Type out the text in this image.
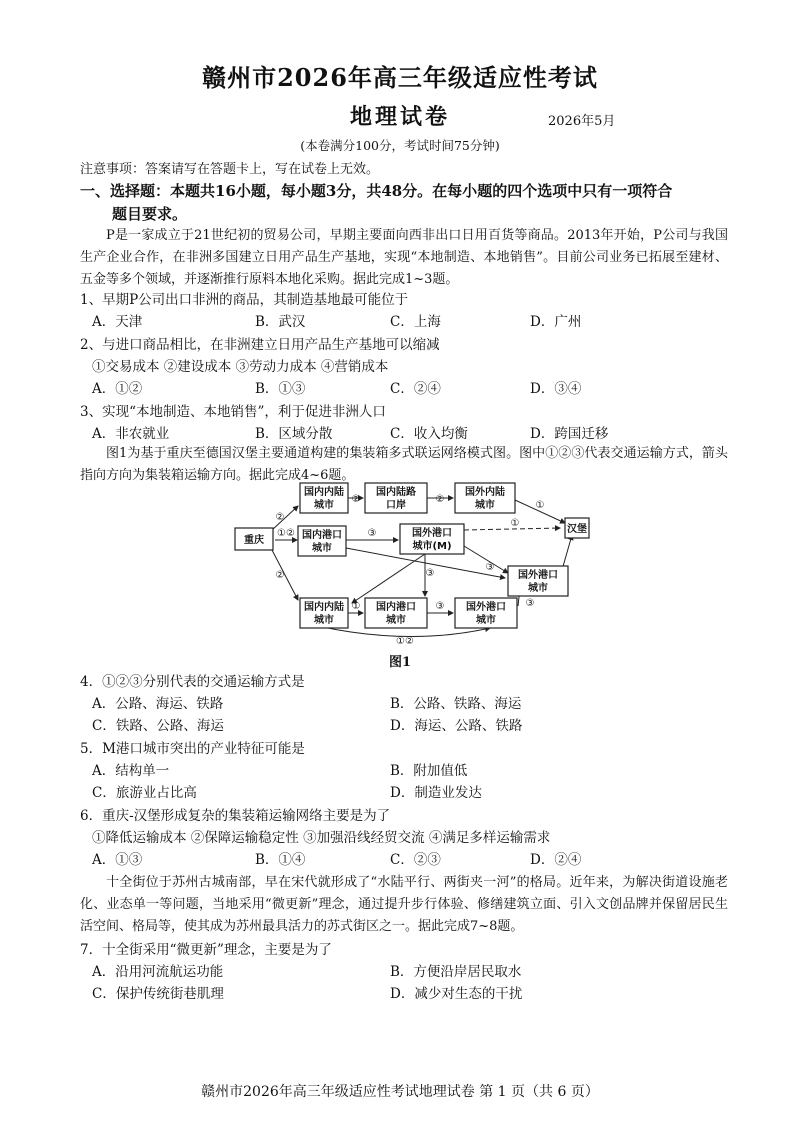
赣州市2026年高三年级适应性考试
地理试卷	2026年5月
(本卷满分100分，考试时间75分钟)
注意事项：答案请写在答题卡上，写在试卷上无效。
一、选择题：本题共16小题，每小题3分，共48分。在每小题的四个选项中只有一项符合
题目要求。
P是一家成立于21世纪初的贸易公司，早期主要面向西非出口日用百货等商品。2013年开始，P公司与我国生产企业合作，在非洲多国建立日用产品生产基地，实现“本地制造、本地销售”。目前公司业务已拓展至建材、五金等多个领域，并逐渐推行原料本地化采购。据此完成1~3题。
1、早期P公司出口非洲的商品，其制造基地最可能位于
A．天津	B．武汉	C．上海	D．广州
2、与进口商品相比，在非洲建立日用产品生产基地可以缩减
①交易成本 ②建设成本 ③劳动力成本 ④营销成本
A．①②	B．①③	C．②④	D．③④
3、实现“本地制造、本地销售”，利于促进非洲人口
A．非农就业	B．区域分散	C．收入均衡	D．跨国迁移
图1为基于重庆至德国汉堡主要通道构建的集装箱多式联运网络模式图。图中①②③代表交通运输方式，箭头指向方向为集装箱运输方向。据此完成4~6题。
国内内陆
城市
国内陆路
口岸
国外内陆
城市
重庆	国内港口
城市
国外港口
城市(M)
汉堡
国外港口
城市
国内内陆
城市
国内港口
城市
国外港口
城市
②	②
②
①②
②
③
①
①
③
③
①	③	③
①②
图1
4．①②③分别代表的交通运输方式是
A．公路、海运、铁路	B．公路、铁路、海运
C．铁路、公路、海运	D．海运、公路、铁路
5．M港口城市突出的产业特征可能是
A．结构单一	B．附加值低
C．旅游业占比高	D．制造业发达
6．重庆-汉堡形成复杂的集装箱运输网络主要是为了
①降低运输成本 ②保障运输稳定性 ③加强沿线经贸交流 ④满足多样运输需求
A．①③	B．①④	C．②③	D．②④
十全街位于苏州古城南部，早在宋代就形成了“水陆平行、两街夹一河”的格局。近年来，为解决街道设施老化、业态单一等问题，当地采用“微更新”理念，通过提升步行体验、修缮建筑立面、引入文创品牌并保留居民生活空间、格局等，使其成为苏州最具活力的苏式街区之一。据此完成7~8题。
7．十全街采用“微更新”理念，主要是为了
A．沿用河流航运功能	B．方便沿岸居民取水
C．保护传统街巷肌理	D．减少对生态的干扰
赣州市2026年高三年级适应性考试地理试卷 第 1 页（共 6 页）
